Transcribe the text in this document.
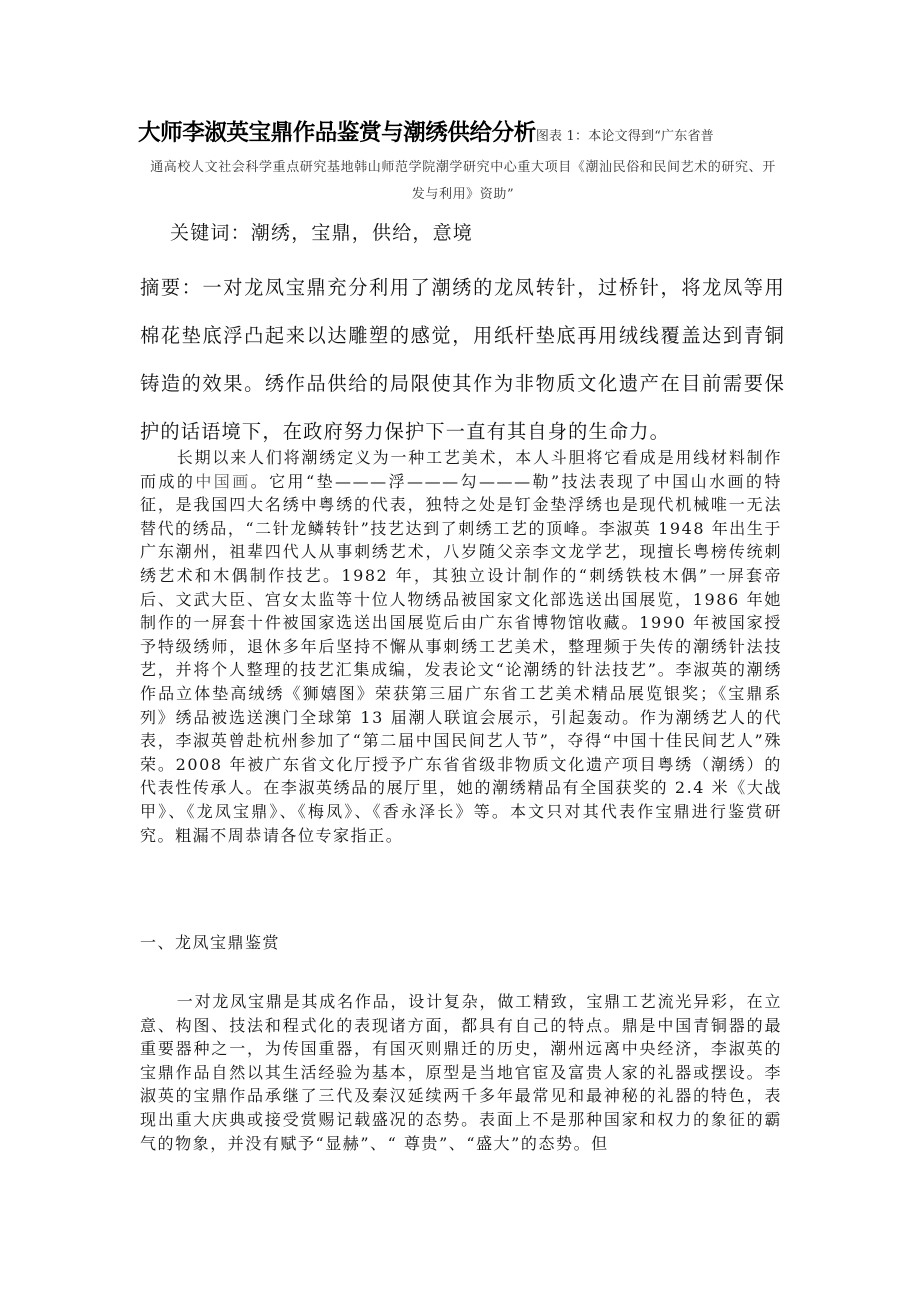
大师李淑英宝鼎作品鉴赏与潮绣供给分析图表 1：本论文得到“广东省普
通高校人文社会科学重点研究基地韩山师范学院潮学研究中心重大项目《潮汕民俗和民间艺术的研究、开
发与利用》资助”
关键词：潮绣，宝鼎，供给，意境
摘要：一对龙凤宝鼎充分利用了潮绣的龙凤转针，过桥针，将龙凤等用棉花垫底浮凸起来以达雕塑的感觉，用纸杆垫底再用绒线覆盖达到青铜铸造的效果。绣作品供给的局限使其作为非物质文化遗产在目前需要保护的话语境下，在政府努力保护下一直有其自身的生命力。
长期以来人们将潮绣定义为一种工艺美术，本人斗胆将它看成是用线材料制作而成的中国画。它用“垫———浮———勾———勒”技法表现了中国山水画的特征，是我国四大名绣中粤绣的代表，独特之处是钉金垫浮绣也是现代机械唯一无法替代的绣品，“二针龙鳞转针”技艺达到了刺绣工艺的顶峰。李淑英 1948 年出生于广东潮州，祖辈四代人从事刺绣艺术，八岁随父亲李文龙学艺，现擅长粤榜传统刺绣艺术和木偶制作技艺。1982 年，其独立设计制作的“刺绣铁枝木偶”一屏套帝后、文武大臣、宫女太监等十位人物绣品被国家文化部选送出国展览，1986 年她制作的一屏套十件被国家选送出国展览后由广东省博物馆收藏。1990 年被国家授予特级绣师，退休多年后坚持不懈从事刺绣工艺美术，整理频于失传的潮绣针法技艺，并将个人整理的技艺汇集成编，发表论文“论潮绣的针法技艺”。李淑英的潮绣作品立体垫高绒绣《狮嬉图》荣获第三届广东省工艺美术精品展览银奖；《宝鼎系列》绣品被选送澳门全球第 13 届潮人联谊会展示，引起轰动。作为潮绣艺人的代表，李淑英曾赴杭州参加了“第二届中国民间艺人节”，夺得“中国十佳民间艺人”殊荣。2008 年被广东省文化厅授予广东省省级非物质文化遗产项目粤绣（潮绣）的代表性传承人。在李淑英绣品的展厅里，她的潮绣精品有全国获奖的 2.4 米《大战甲》、《龙凤宝鼎》、《梅凤》、《香永泽长》等。本文只对其代表作宝鼎进行鉴赏研究。粗漏不周恭请各位专家指正。
一、龙凤宝鼎鉴赏
一对龙凤宝鼎是其成名作品，设计复杂，做工精致，宝鼎工艺流光异彩，在立意、构图、技法和程式化的表现诸方面，都具有自己的特点。鼎是中国青铜器的最重要器种之一，为传国重器，有国灭则鼎迁的历史，潮州远离中央经济，李淑英的宝鼎作品自然以其生活经验为基本，原型是当地官宦及富贵人家的礼器或摆设。李淑英的宝鼎作品承继了三代及秦汉延续两千多年最常见和最神秘的礼器的特色，表现出重大庆典或接受赏赐记载盛况的态势。表面上不是那种国家和权力的象征的霸气的物象，并没有赋予“显赫”、“ 尊贵”、“盛大”的态势。但
